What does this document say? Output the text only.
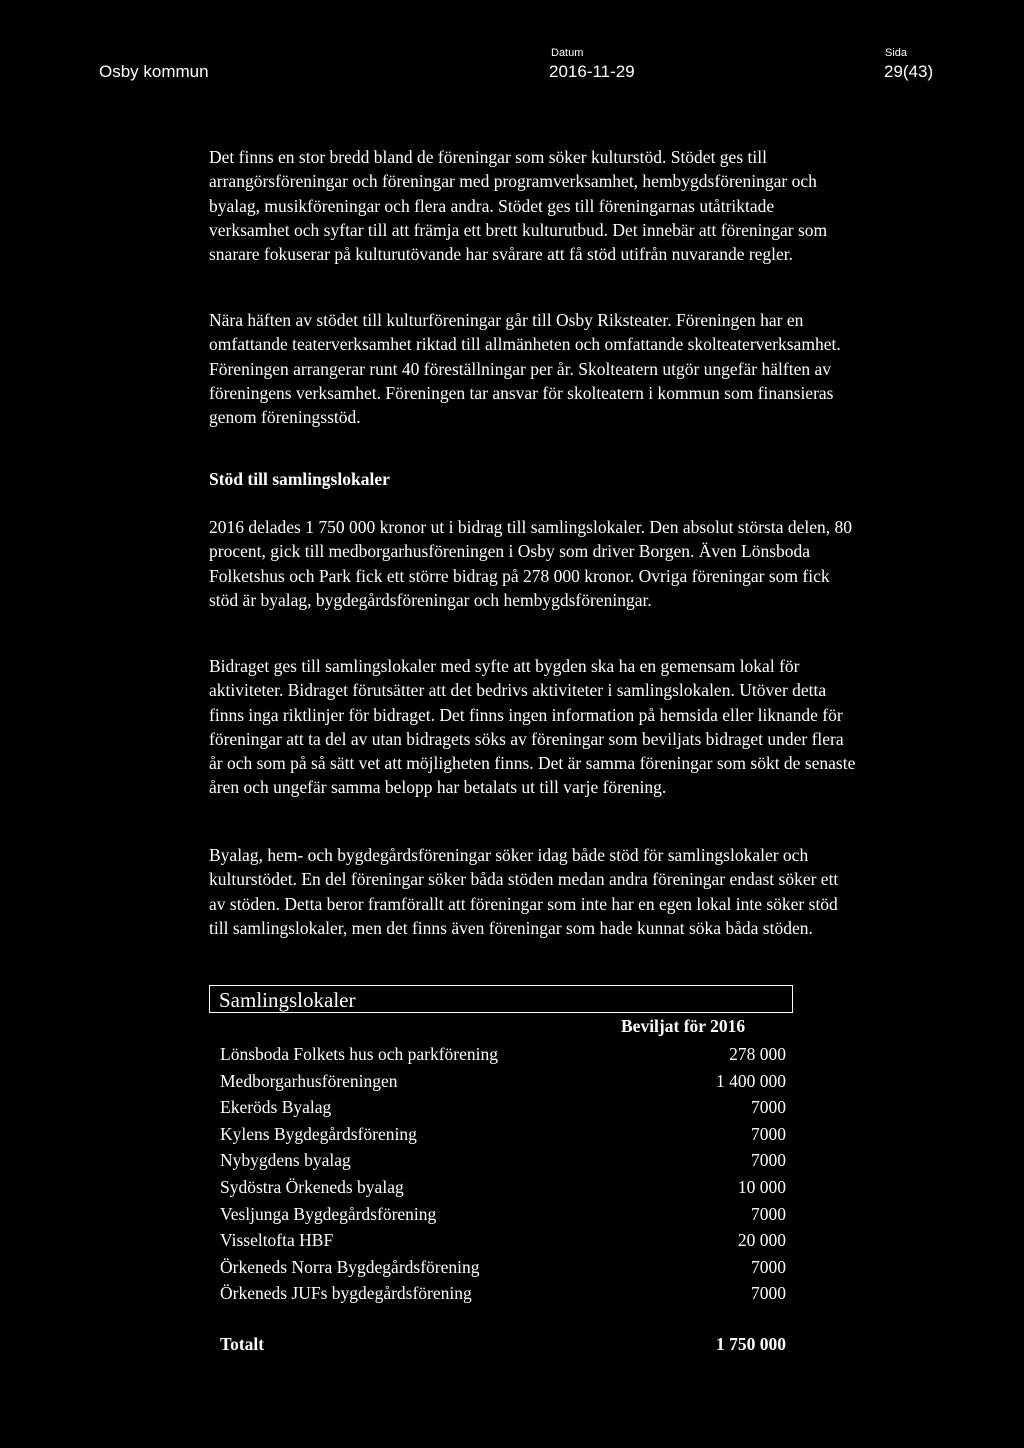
Osby kommun
Datum
2016-11-29
Sida
29(43)

Det finns en stor bredd bland de föreningar som söker kulturstöd. Stödet ges till arrangörsföreningar och föreningar med programverksamhet, hembygdsföreningar och byalag, musikföreningar och flera andra. Stödet ges till föreningarnas utåtriktade verksamhet och syftar till att främja ett brett kulturutbud. Det innebär att föreningar som snarare fokuserar på kulturutövande har svårare att få stöd utifrån nuvarande regler.

Nära häften av stödet till kulturföreningar går till Osby Riksteater. Föreningen har en omfattande teaterverksamhet riktad till allmänheten och omfattande skolteaterverksamhet. Föreningen arrangerar runt 40 föreställningar per år. Skolteatern utgör ungefär hälften av föreningens verksamhet. Föreningen tar ansvar för skolteatern i kommun som finansieras genom föreningsstöd.

Stöd till samlingslokaler

2016 delades 1 750 000 kronor ut i bidrag till samlingslokaler. Den absolut största delen, 80 procent, gick till medborgarhusföreningen i Osby som driver Borgen. Även Lönsboda Folketshus och Park fick ett större bidrag på 278 000 kronor. Ovriga föreningar som fick stöd är byalag, bygdegårdsföreningar och hembygdsföreningar.

Bidraget ges till samlingslokaler med syfte att bygden ska ha en gemensam lokal för aktiviteter. Bidraget förutsätter att det bedrivs aktiviteter i samlingslokalen. Utöver detta finns inga riktlinjer för bidraget. Det finns ingen information på hemsida eller liknande för föreningar att ta del av utan bidragets söks av föreningar som beviljats bidraget under flera år och som på så sätt vet att möjligheten finns. Det är samma föreningar som sökt de senaste åren och ungefär samma belopp har betalats ut till varje förening.

Byalag, hem- och bygdegårdsföreningar söker idag både stöd för samlingslokaler och kulturstödet. En del föreningar söker båda stöden medan andra föreningar endast söker ett av stöden. Detta beror framförallt att föreningar som inte har en egen lokal inte söker stöd till samlingslokaler, men det finns även föreningar som hade kunnat söka båda stöden.

Samlingslokaler
Beviljat för 2016
Lönsboda Folkets hus och parkförening	278 000
Medborgarhusföreningen	1 400 000
Ekeröds Byalag	7000
Kylens Bygdegårdsförening	7000
Nybygdens byalag	7000
Sydöstra Örkeneds byalag	10 000
Vesljunga Bygdegårdsförening	7000
Visseltofta HBF	20 000
Örkeneds Norra Bygdegårdsförening	7000
Örkeneds JUFs bygdegårdsförening	7000
Totalt	1 750 000
